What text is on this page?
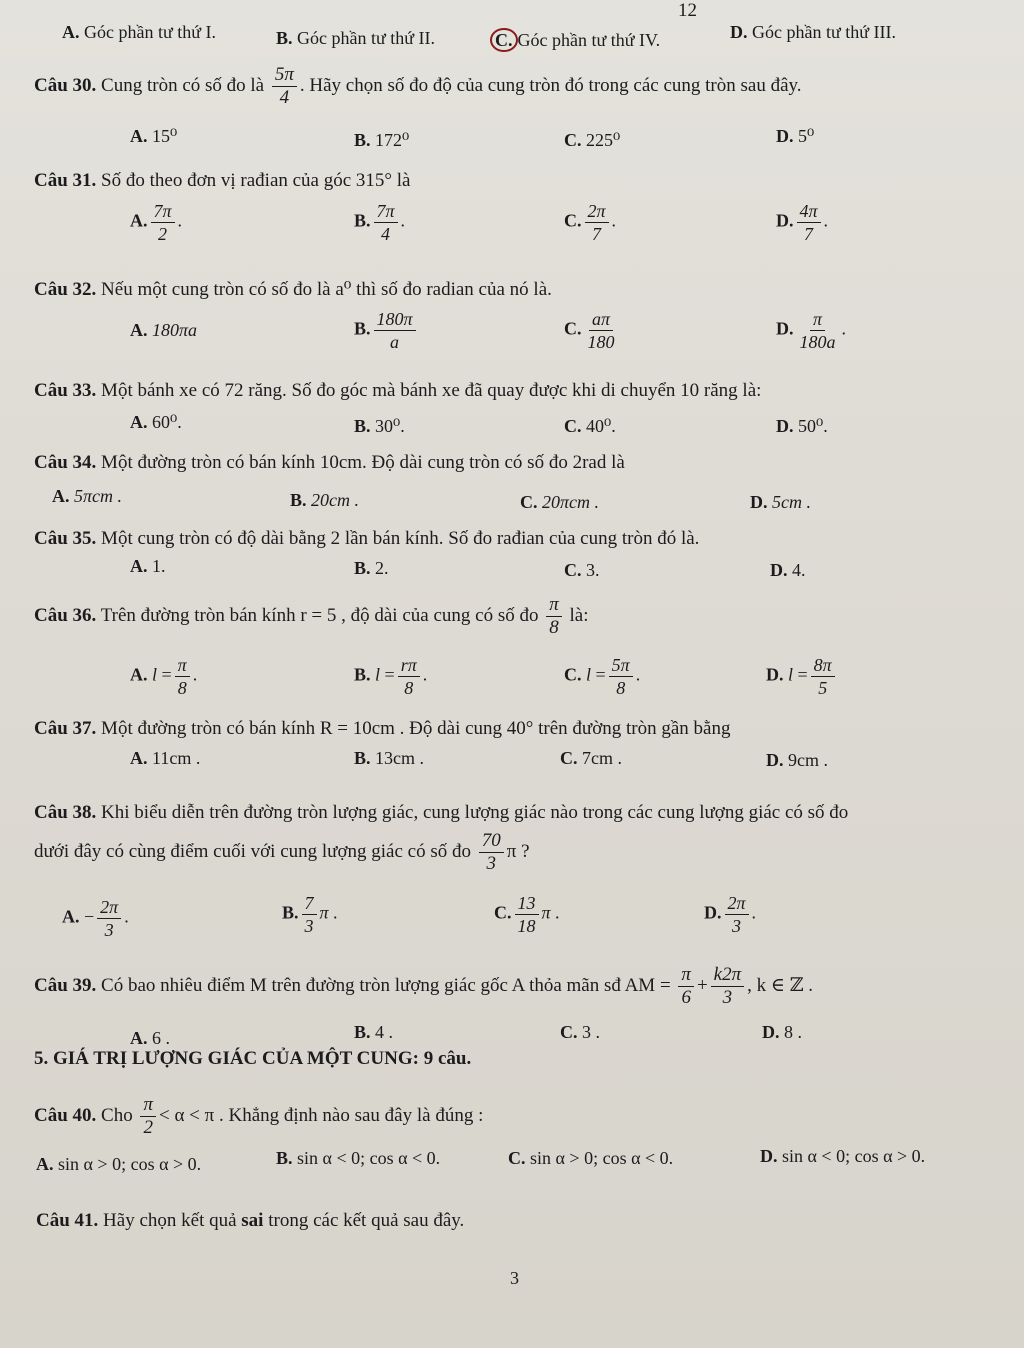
12
A. Góc phần tư thứ I.	B. Góc phần tư thứ II.	C. Góc phần tư thứ IV.	D. Góc phần tư thứ III.
Câu 30. Cung tròn có số đo là $\frac{5\pi}{4}$ . Hãy chọn số đo độ của cung tròn đó trong các cung tròn sau đây.
A. 15⁰	B. 172⁰	C. 225⁰	D. 5⁰
Câu 31. Số đo theo đơn vị rađian của góc 315° là
A. $\frac{7\pi}{2}$ .	B. $\frac{7\pi}{4}$ .	C. $\frac{2\pi}{7}$ .	D. $\frac{4\pi}{7}$ .
Câu 32. Nếu một cung tròn có số đo là a⁰ thì số đo radian của nó là.
A. 180πa	B. $\frac{180\pi}{a}$	C. $\frac{a\pi}{180}$	D. $\frac{\pi}{180a}$ .
Câu 33. Một bánh xe có 72 răng. Số đo góc mà bánh xe đã quay được khi di chuyển 10 răng là:
A. 60⁰.	B. 30⁰.	C. 40⁰.	D. 50⁰.
Câu 34. Một đường tròn có bán kính 10cm. Độ dài cung tròn có số đo 2rad là
A. 5πcm .	B. 20cm .	C. 20πcm .	D. 5cm .
Câu 35. Một cung tròn có độ dài bằng 2 lần bán kính. Số đo rađian của cung tròn đó là.
A. 1.	B. 2.	C. 3.	D. 4.
Câu 36. Trên đường tròn bán kính r = 5 , độ dài của cung có số đo $\frac{\pi}{8}$ là:
A. $l = \frac{\pi}{8}$ .	B. $l = \frac{r\pi}{8}$ .	C. $l = \frac{5\pi}{8}$ .	D. $l = \frac{8\pi}{5}$
Câu 37. Một đường tròn có bán kính R = 10cm . Độ dài cung 40° trên đường tròn gần bằng
A. 11cm .	B. 13cm .	C. 7cm .	D. 9cm .
Câu 38. Khi biểu diễn trên đường tròn lượng giác, cung lượng giác nào trong các cung lượng giác có số đo
dưới đây có cùng điểm cuối với cung lượng giác có số đo $\frac{70}{3}$ π ?
A. − $\frac{2\pi}{3}$ .	B. $\frac{7}{3}$ π .	C. $\frac{13}{18}$ π .	D. $\frac{2\pi}{3}$ .
Câu 39. Có bao nhiêu điểm M trên đường tròn lượng giác gốc A thỏa mãn sđ AM = $\frac{\pi}{6} + \frac{k2\pi}{3}$ , k ∈ ℤ .
A. 6 .	B. 4 .	C. 3 .	D. 8 .
5. GIÁ TRỊ LƯỢNG GIÁC CỦA MỘT CUNG: 9 câu.
Câu 40. Cho $\frac{\pi}{2} < \alpha < \pi$ . Khẳng định nào sau đây là đúng :
A. sin α > 0; cos α > 0.	B. sin α < 0; cos α < 0.	C. sin α > 0; cos α < 0.	D. sin α < 0; cos α > 0.
Câu 41. Hãy chọn kết quả sai trong các kết quả sau đây.
3
